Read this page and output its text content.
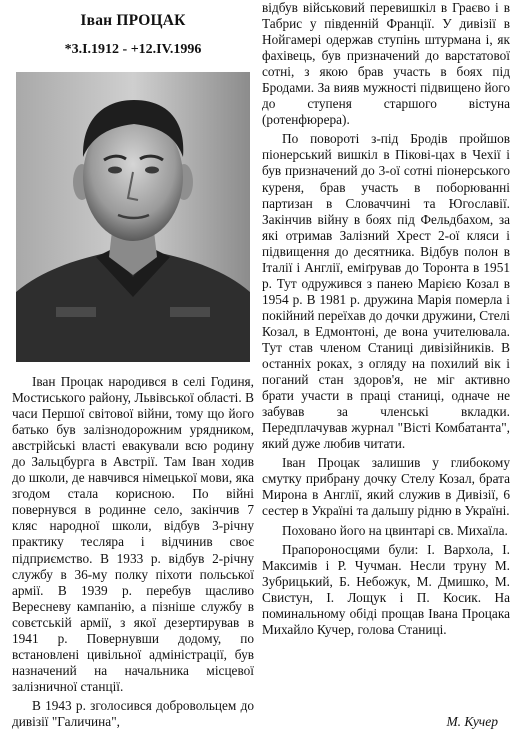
Іван ПРОЦАК
*3.I.1912 - +12.IV.1996

Іван Процак народився в селі Годиня, Мостиського району, Львівської області. В часи Першої світової війни, тому що його батько був залізнодорожним урядником, австрійські власті евакували всю родину до Зальцбурга в Австрії. Там Іван ходив до школи, де навчився німецької мови, яка згодом стала корисною. По війні повернувся в родинне село, закінчив 7 кляс народної школи, відбув 3-річну практику тесляра і відчинив своє підприємство. В 1933 р. відбув 2-річну службу в 36-му полку піхоти польської армії. В 1939 р. перебув щасливо Вересневу кампанію, а пізніше службу в совєтській армії, з якої дезертирував в 1941 р. Повернувши додому, по встановлені цивільної адміністрації, був назначений на начальника місцевої залізничної станції.

В 1943 р. зголосився добровольцем до дивізії "Галичина",

відбув військовий перевишкіл в Граєво і в Табрис у південній Франції. У дивізії в Нойгамері одержав ступінь штурмана і, як фахівець, був призначений до варстатової сотні, з якою брав участь в боях під Бродами. За вияв мужності підвищено його до ступеня старшого вістуна (ротенфюрера).

По повороті з-під Бродів пройшов піонерський вишкіл в Пікові-цах в Чехії і був призначений до 3-ої сотні піонерського куреня, брав участь в поборюванні партизан в Словаччині та Югославії. Закінчив війну в боях під Фельдбахом, за які отримав Залізний Хрест 2-ої кляси і підвищення до десятника. Відбув полон в Італії і Англії, еміґрував до Торонта в 1951 р. Тут одружився з панею Марією Козал в 1954 р. В 1981 р. дружина Марія померла і покійний переїхав до дочки дружини, Стелі Козал, в Едмонтоні, де вона учителювала. Тут став членом Станиці дивізійників. В останніх роках, з огляду на похилий вік і поганий стан здоров'я, не міг активно брати участи в праці станиці, одначе не забував за членські вкладки. Передплачував журнал "Вісті Комбатанта", який дуже любив читати.

Іван Процак залишив у глибокому смутку прибрану дочку Стелу Козал, брата Мирона в Англії, який служив в Дивізії, 6 сестер в Україні та дальшу рідню в Україні.

Поховано його на цвинтарі св. Михаїла.

Прапороносцями були: І. Вархола, І. Максимів і Р. Чучман. Несли труну М. Зубрицький, Б. Небожук, М. Дмишко, М. Свистун, І. Лощук і П. Косик. На поминальному обіді прощав Івана Процака Михайло Кучер, голова Станиці.

М. Кучер
